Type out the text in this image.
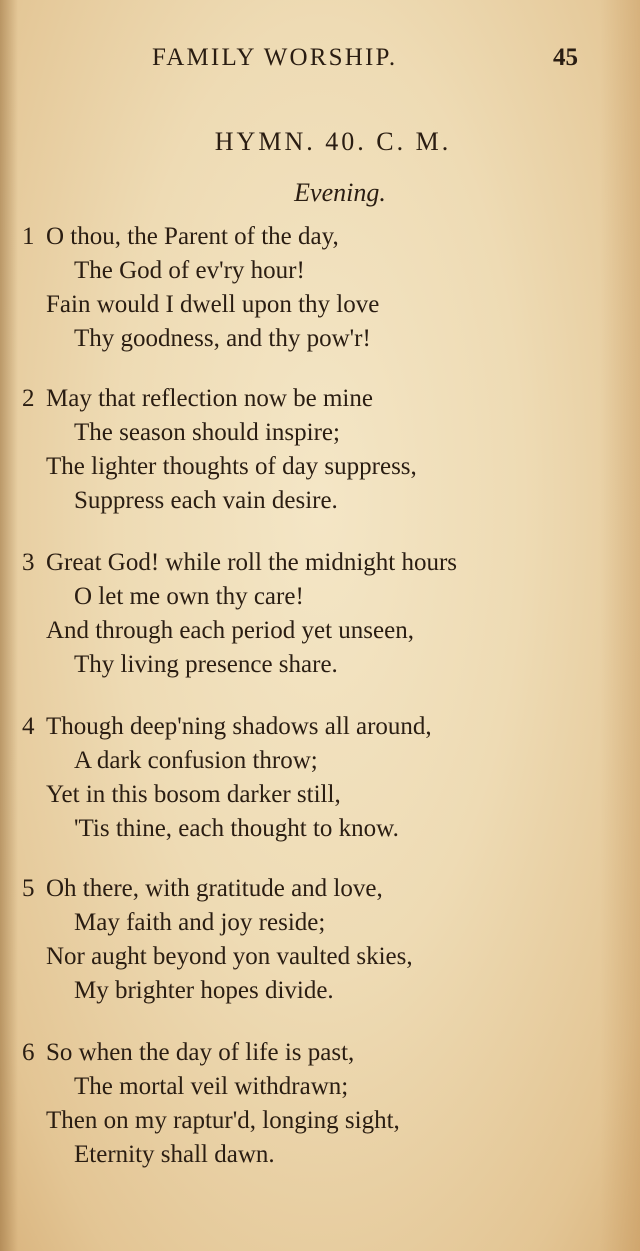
FAMILY WORSHIP.	45
HYMN. 40. C. M.
Evening.
1 O thou, the Parent of the day,
The God of ev'ry hour!
Fain would I dwell upon thy love
Thy goodness, and thy pow'r!
2 May that reflection now be mine
The season should inspire;
The lighter thoughts of day suppress,
Suppress each vain desire.
3 Great God! while roll the midnight hours
O let me own thy care!
And through each period yet unseen,
Thy living presence share.
4 Though deep'ning shadows all around,
A dark confusion throw;
Yet in this bosom darker still,
'Tis thine, each thought to know.
5 Oh there, with gratitude and love,
May faith and joy reside;
Nor aught beyond yon vaulted skies,
My brighter hopes divide.
6 So when the day of life is past,
The mortal veil withdrawn;
Then on my raptur'd, longing sight,
Eternity shall dawn.
